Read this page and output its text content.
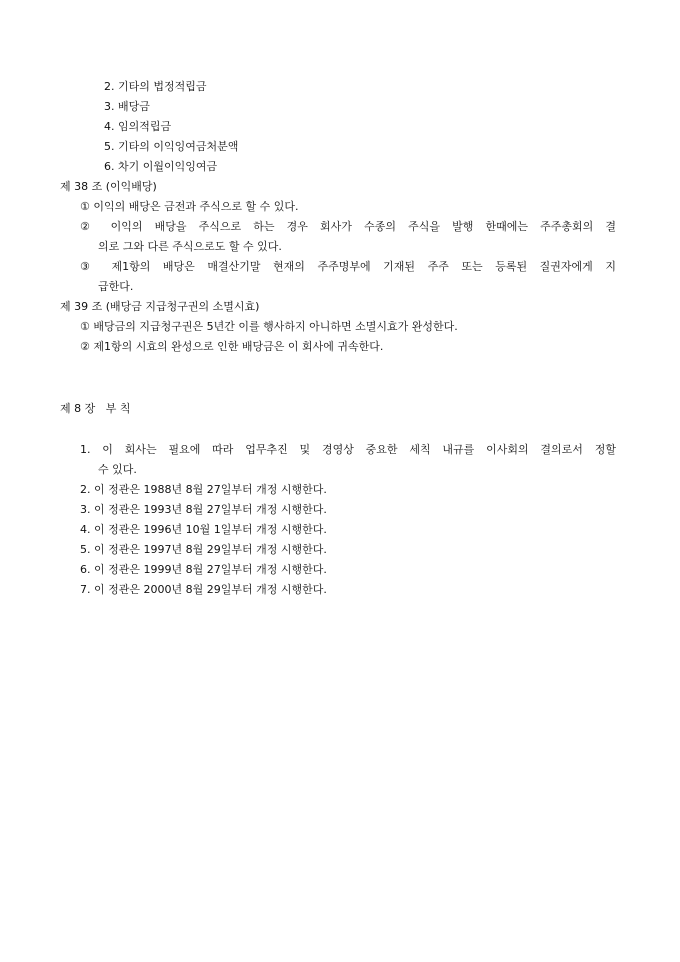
2. 기타의 법정적립금
3. 배당금
4. 임의적립금
5. 기타의 이익잉여금처분액
6. 차기 이월이익잉여금
제 38 조 (이익배당)
① 이익의 배당은 금전과 주식으로 할 수 있다.
② 이익의 배당을 주식으로 하는 경우 회사가 수종의 주식을 발행 한때에는 주주총회의 결
의로 그와 다른 주식으로도 할 수 있다.
③ 제1항의 배당은 매결산기말 현재의 주주명부에 기재된 주주 또는 등록된 질권자에게 지
급한다.
제 39 조 (배당금 지급청구권의 소멸시효)
① 배당금의 지급청구권은 5년간 이를 행사하지 아니하면 소멸시효가 완성한다.
② 제1항의 시효의 완성으로 인한 배당금은 이 회사에 귀속한다.
제 8 장   부 칙
1. 이 회사는 필요에 따라 업무추진 및 경영상 중요한 세칙 내규를 이사회의 결의로서 정할
수 있다.
2. 이 정관은 1988년 8월 27일부터 개정 시행한다.
3. 이 정관은 1993년 8월 27일부터 개정 시행한다.
4. 이 정관은 1996년 10월 1일부터 개정 시행한다.
5. 이 정관은 1997년 8월 29일부터 개정 시행한다.
6. 이 정관은 1999년 8월 27일부터 개정 시행한다.
7. 이 정관은 2000년 8월 29일부터 개정 시행한다.
